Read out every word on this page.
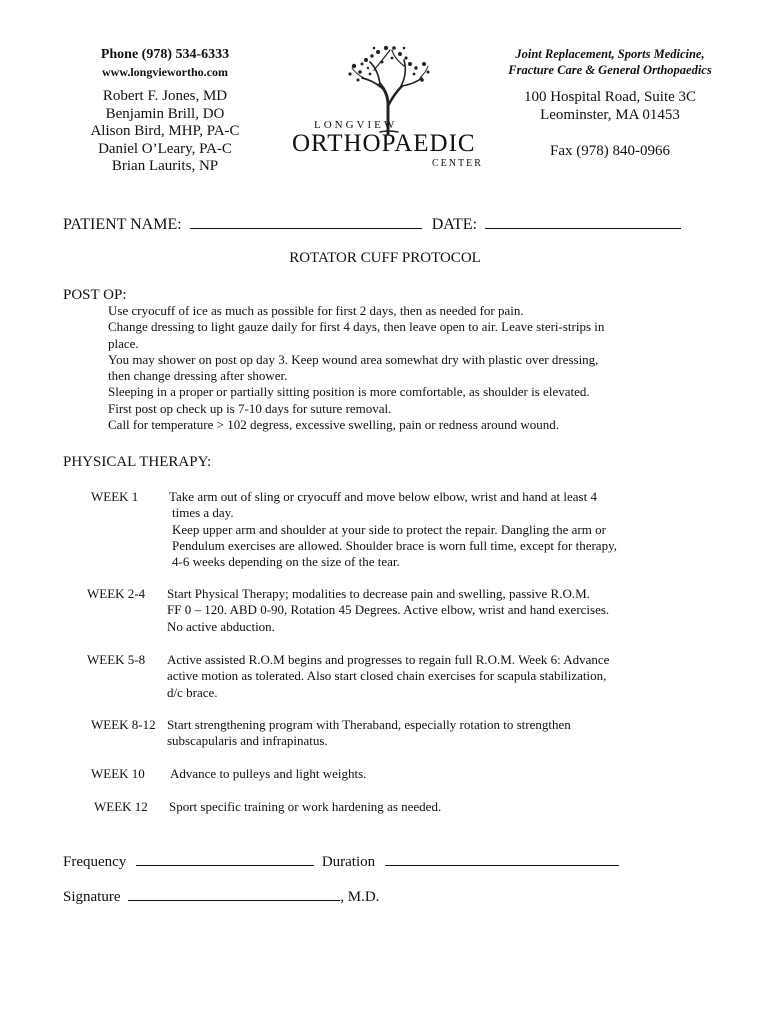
Phone (978) 534-6333
www.longviewortho.com
Robert F. Jones, MD
Benjamin Brill, DO
Alison Bird, MHP, PA-C
Daniel O’Leary, PA-C
Brian Laurits, NP
LONGVIEW
ORTHOPAEDIC
CENTER
Joint Replacement, Sports Medicine,
Fracture Care & General Orthopaedics
100 Hospital Road, Suite 3C
Leominster, MA 01453
Fax (978) 840-0966
PATIENT NAME:	DATE:
ROTATOR CUFF PROTOCOL
POST OP:
Use cryocuff of ice as much as possible for first 2 days, then as needed for pain.
Change dressing to light gauze daily for first 4 days, then leave open to air. Leave steri-strips in
place.
You may shower on post op day 3. Keep wound area somewhat dry with plastic over dressing,
then change dressing after shower.
Sleeping in a proper or partially sitting position is more comfortable, as shoulder is elevated.
First post op check up is 7-10 days for suture removal.
Call for temperature > 102 degress, excessive swelling, pain or redness around wound.
PHYSICAL THERAPY:
WEEK 1 Take arm out of sling or cryocuff and move below elbow, wrist and hand at least 4
times a day.
Keep upper arm and shoulder at your side to protect the repair. Dangling the arm or
Pendulum exercises are allowed. Shoulder brace is worn full time, except for therapy,
4-6 weeks depending on the size of the tear.
WEEK 2-4 Start Physical Therapy; modalities to decrease pain and swelling, passive R.O.M.
FF 0 – 120. ABD 0-90, Rotation 45 Degrees. Active elbow, wrist and hand exercises.
No active abduction.
WEEK 5-8 Active assisted R.O.M begins and progresses to regain full R.O.M. Week 6: Advance
active motion as tolerated. Also start closed chain exercises for scapula stabilization,
d/c brace.
WEEK 8-12 Start strengthening program with Theraband, especially rotation to strengthen
subscapularis and infrapinatus.
WEEK 10 Advance to pulleys and light weights.
WEEK 12 Sport specific training or work hardening as needed.
Frequency	Duration
Signature	, M.D.
